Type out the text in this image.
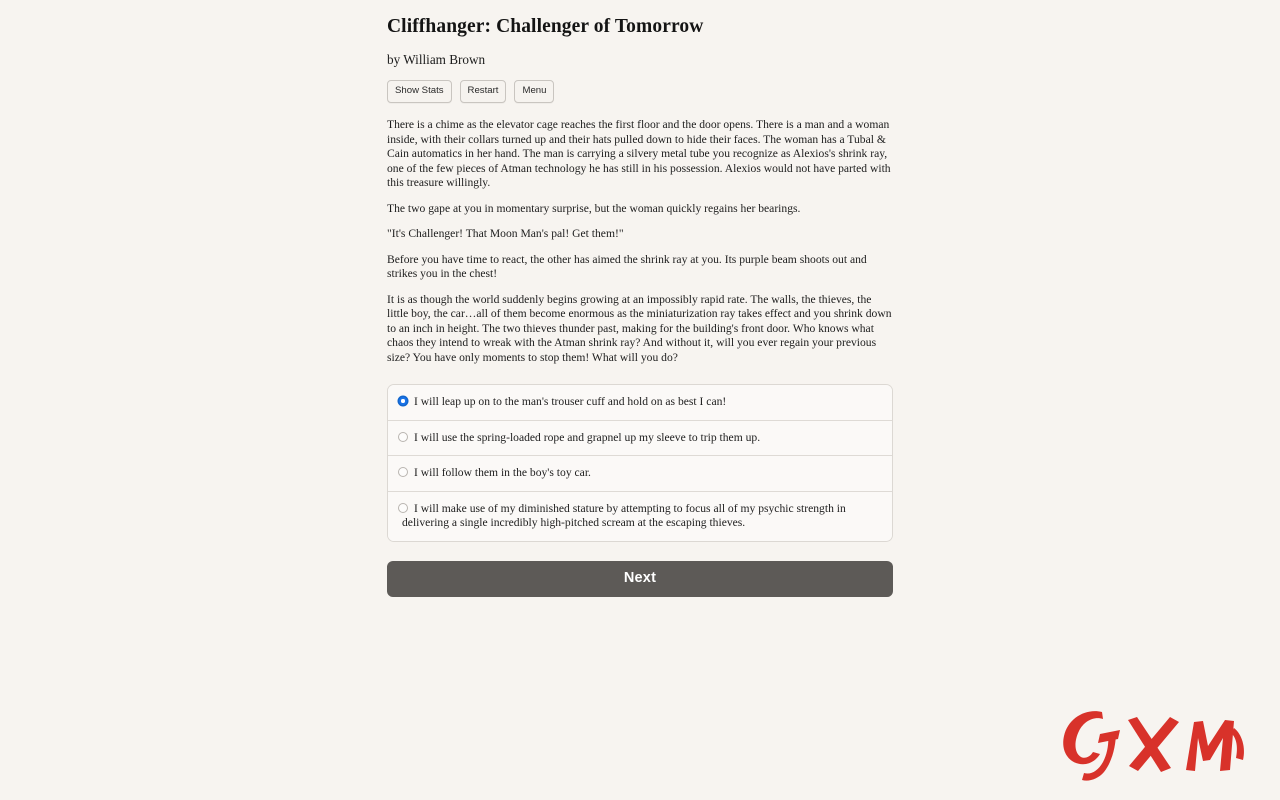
Cliffhanger: Challenger of Tomorrow
by William Brown
Show Stats	Restart	Menu

There is a chime as the elevator cage reaches the first floor and the door opens. There is a man and a woman inside, with their collars turned up and their hats pulled down to hide their faces. The woman has a Tubal & Cain automatics in her hand. The man is carrying a silvery metal tube you recognize as Alexios's shrink ray, one of the few pieces of Atman technology he has still in his possession. Alexios would not have parted with this treasure willingly.

The two gape at you in momentary surprise, but the woman quickly regains her bearings.

"It's Challenger! That Moon Man's pal! Get them!"

Before you have time to react, the other has aimed the shrink ray at you. Its purple beam shoots out and strikes you in the chest!

It is as though the world suddenly begins growing at an impossibly rapid rate. The walls, the thieves, the little boy, the car…all of them become enormous as the miniaturization ray takes effect and you shrink down to an inch in height. The two thieves thunder past, making for the building's front door. Who knows what chaos they intend to wreak with the Atman shrink ray? And without it, will you ever regain your previous size? You have only moments to stop them! What will you do?

I will leap up on to the man's trouser cuff and hold on as best I can!
I will use the spring-loaded rope and grapnel up my sleeve to trip them up.
I will follow them in the boy's toy car.
I will make use of my diminished stature by attempting to focus all of my psychic strength in delivering a single incredibly high-pitched scream at the escaping thieves.
Next
